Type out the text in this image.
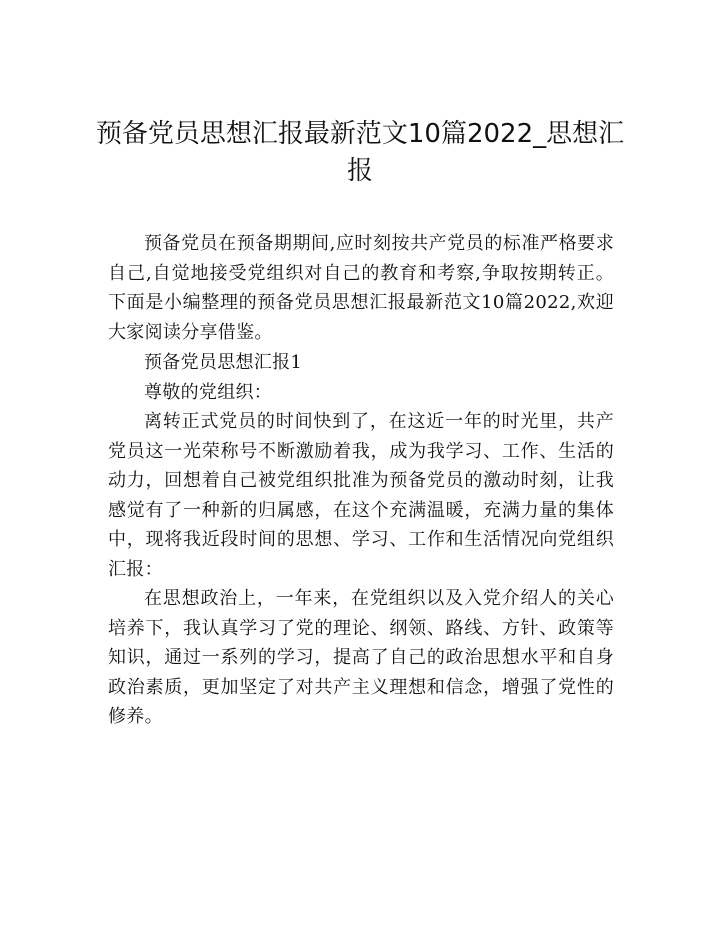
预备党员思想汇报最新范文10篇2022_思想汇报

预备党员在预备期期间,应时刻按共产党员的标准严格要求自己,自觉地接受党组织对自己的教育和考察,争取按期转正。下面是小编整理的预备党员思想汇报最新范文10篇2022,欢迎大家阅读分享借鉴。

预备党员思想汇报1

尊敬的党组织：

离转正式党员的时间快到了，在这近一年的时光里，共产党员这一光荣称号不断激励着我，成为我学习、工作、生活的动力，回想着自己被党组织批准为预备党员的激动时刻，让我感觉有了一种新的归属感，在这个充满温暖，充满力量的集体中，现将我近段时间的思想、学习、工作和生活情况向党组织汇报：

在思想政治上，一年来，在党组织以及入党介绍人的关心培养下，我认真学习了党的理论、纲领、路线、方针、政策等知识，通过一系列的学习，提高了自己的政治思想水平和自身政治素质，更加坚定了对共产主义理想和信念，增强了党性的修养。
